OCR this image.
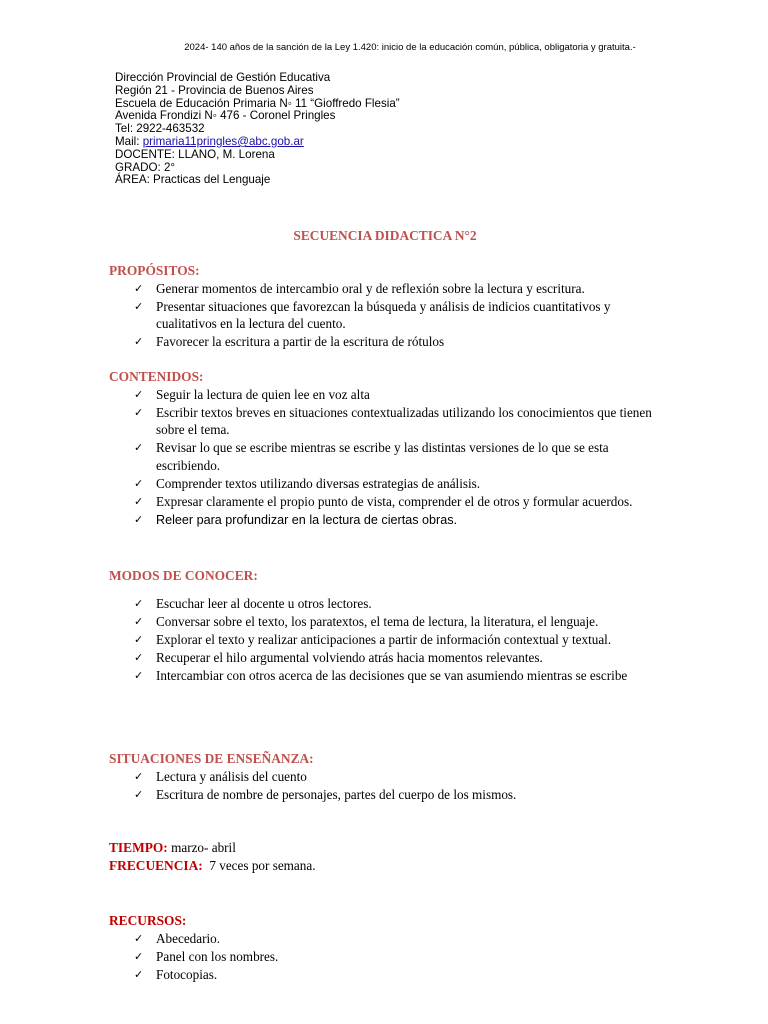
2024- 140 años de la sanción de la Ley 1.420: inicio de la educación común, pública, obligatoria y gratuita.-
Dirección Provincial de Gestión Educativa
Región 21 - Provincia de Buenos Aires
Escuela de Educación Primaria N◦ 11 “Gioffredo Flesia”
Avenida Frondizi N◦ 476 - Coronel Pringles
Tel: 2922-463532
Mail: primaria11pringles@abc.gob.ar
DOCENTE: LLANO, M. Lorena
GRADO: 2°
ÁREA: Practicas del Lenguaje
SECUENCIA DIDACTICA N°2
PROPÓSITOS:
✓ Generar momentos de intercambio oral y de reflexión sobre la lectura y escritura.
✓ Presentar situaciones que favorezcan la búsqueda y análisis de indicios cuantitativos y cualitativos en la lectura del cuento.
✓ Favorecer la escritura a partir de la escritura de rótulos
CONTENIDOS:
✓ Seguir la lectura de quien lee en voz alta
✓ Escribir textos breves en situaciones contextualizadas utilizando los conocimientos que tienen sobre el tema.
✓ Revisar lo que se escribe mientras se escribe y las distintas versiones de lo que se esta escribiendo.
✓ Comprender textos utilizando diversas estrategias de análisis.
✓ Expresar claramente el propio punto de vista, comprender el de otros y formular acuerdos.
✓ Releer para profundizar en la lectura de ciertas obras.
MODOS DE CONOCER:
✓ Escuchar leer al docente u otros lectores.
✓ Conversar sobre el texto, los paratextos, el tema de lectura, la literatura, el lenguaje.
✓ Explorar el texto y realizar anticipaciones a partir de información contextual y textual.
✓ Recuperar el hilo argumental volviendo atrás hacia momentos relevantes.
✓ Intercambiar con otros acerca de las decisiones que se van asumiendo mientras se escribe
SITUACIONES DE ENSEÑANZA:
✓ Lectura y análisis del cuento
✓ Escritura de nombre de personajes, partes del cuerpo de los mismos.
TIEMPO: marzo- abril
FRECUENCIA:  7 veces por semana.
RECURSOS:
✓ Abecedario.
✓ Panel con los nombres.
✓ Fotocopias.
